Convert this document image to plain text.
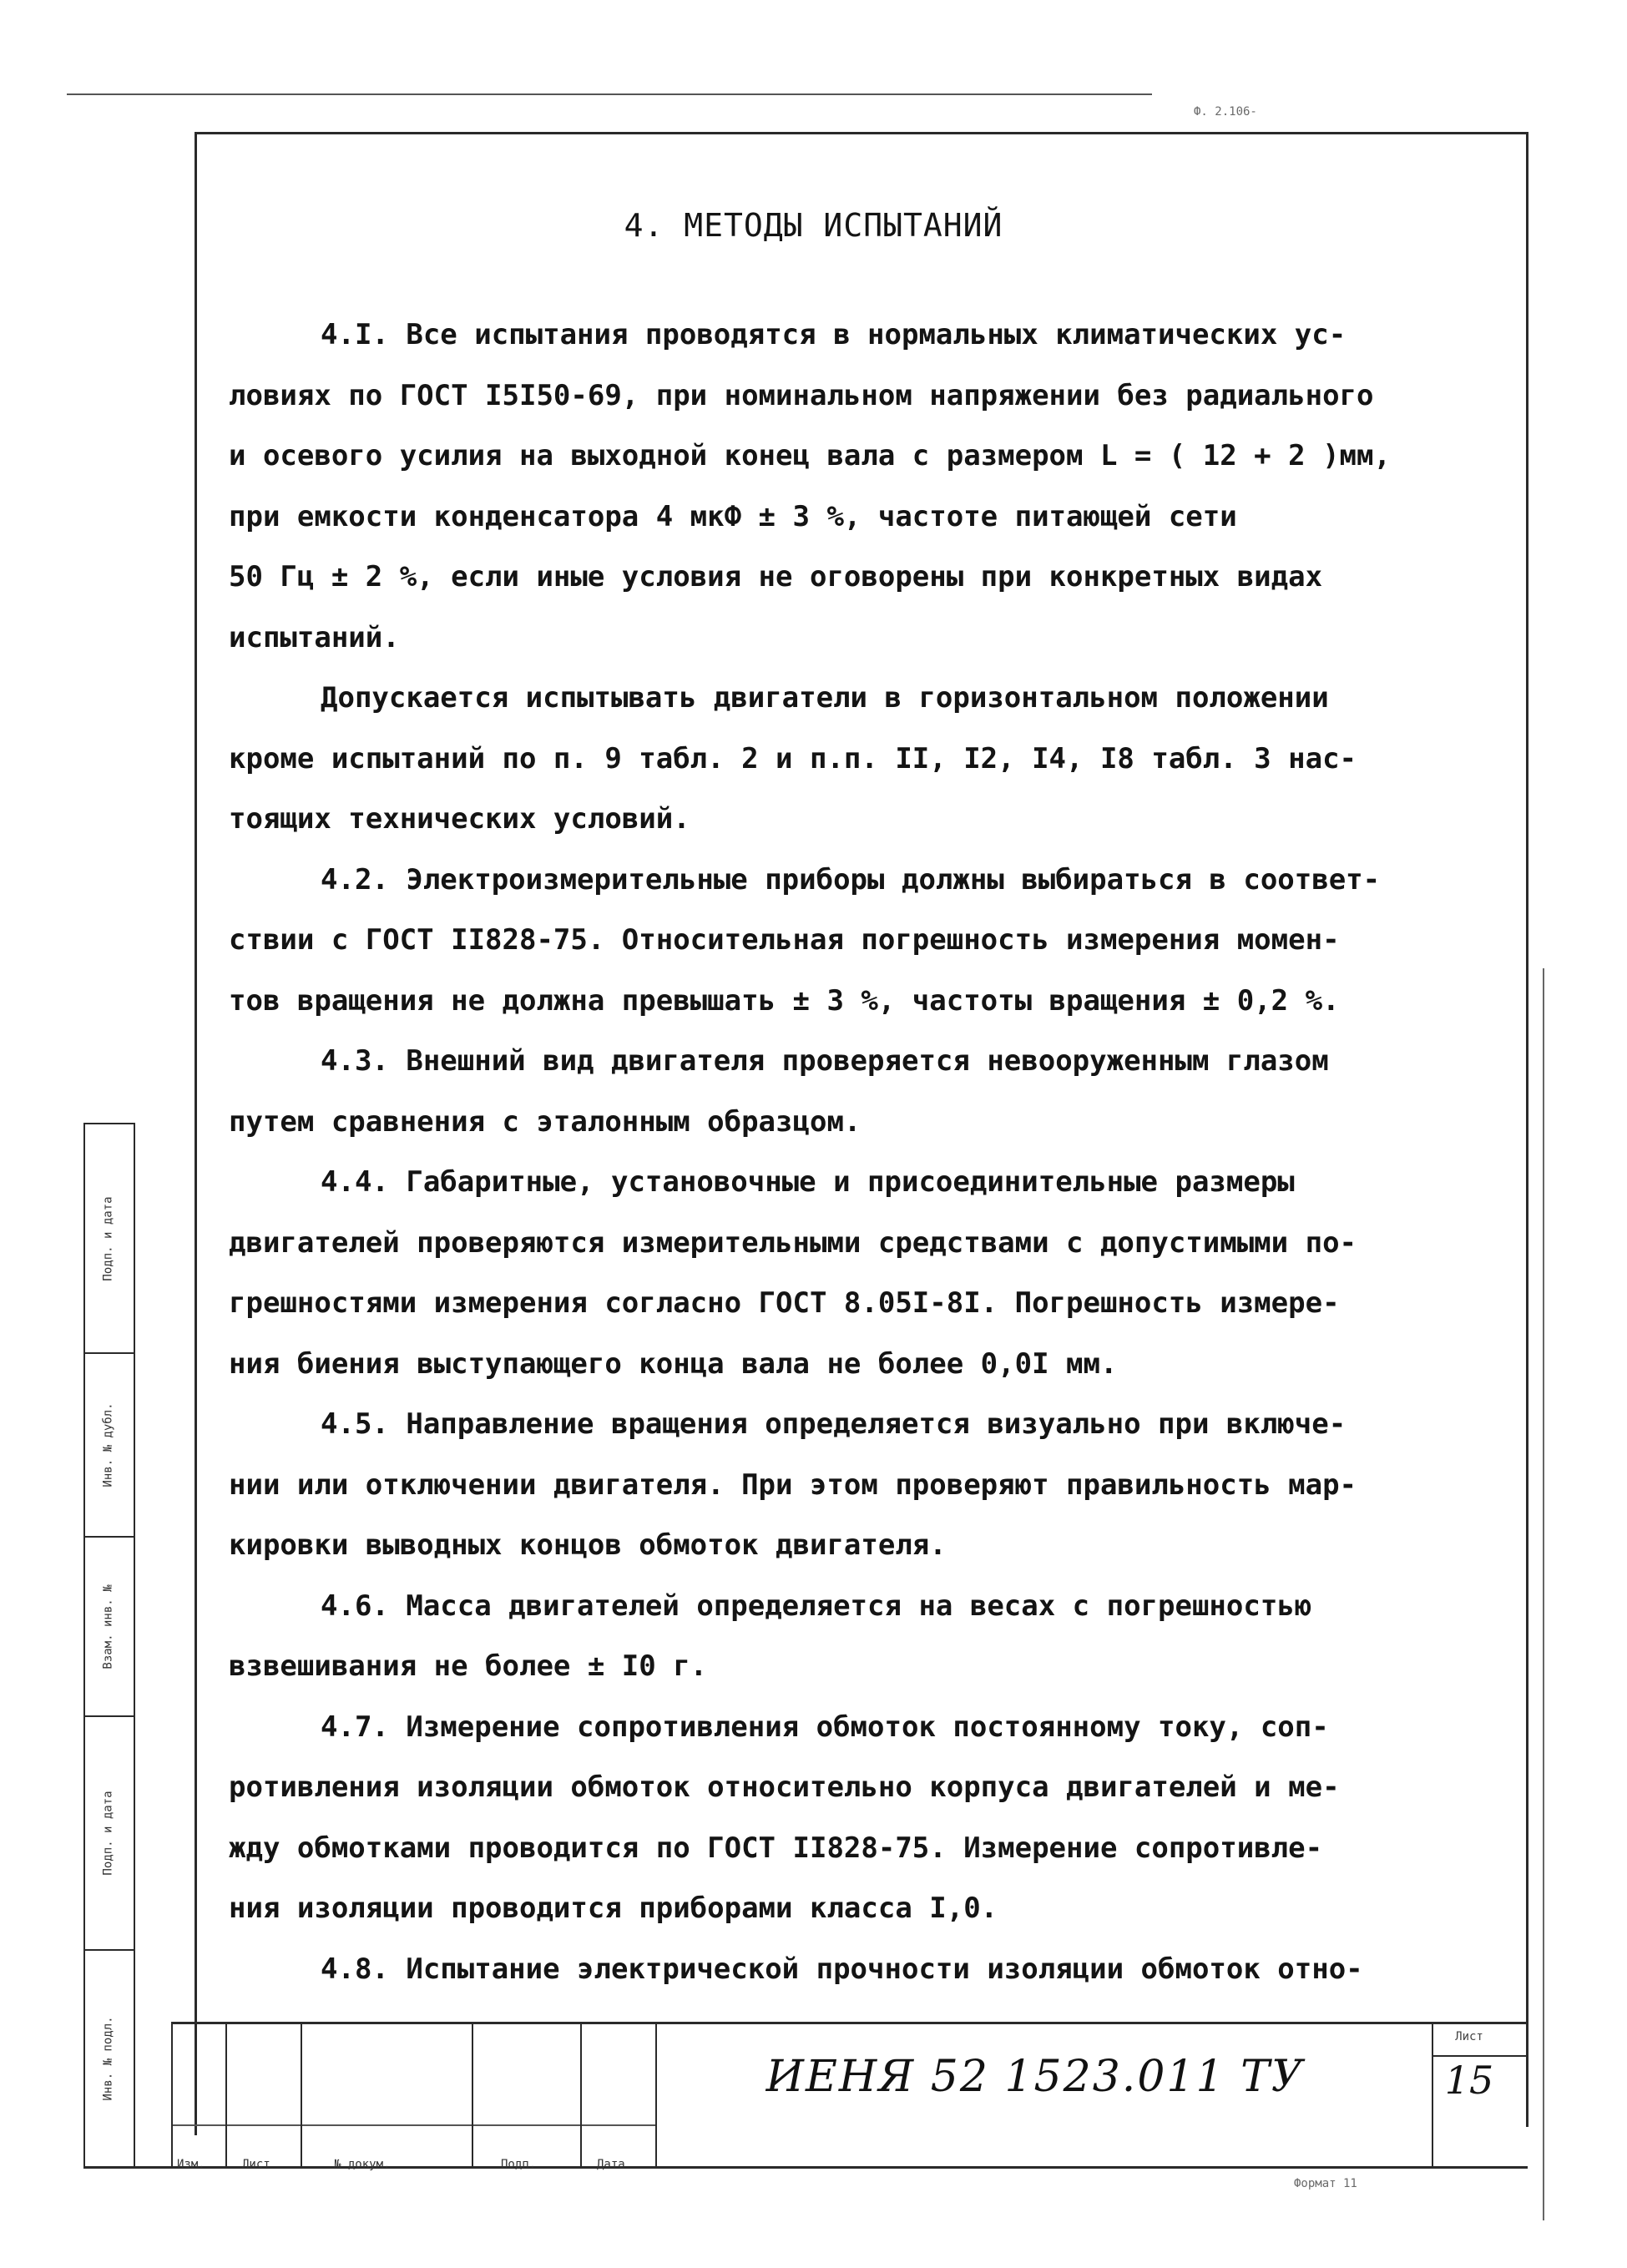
Ф. 2.106-
4. МЕТОДЫ ИСПЫТАНИЙ
4.I. Все испытания проводятся в нормальных климатических ус-
ловиях по ГОСТ I5I50-69, при номинальном напряжении без радиального
и осевого усилия на выходной конец вала с размером L = ( 12 + 2 )мм,
при емкости конденсатора 4 мкФ ± 3 %, частоте питающей сети
50 Гц ± 2 %, если иные условия не оговорены при конкретных видах
испытаний.
Допускается испытывать двигатели в горизонтальном положении
кроме испытаний по п. 9 табл. 2 и п.п. II, I2, I4, I8 табл. 3 нас-
тоящих технических условий.
4.2. Электроизмерительные приборы должны выбираться в соответ-
ствии с ГОСТ II828-75. Относительная погрешность измерения момен-
тов вращения не должна превышать ± 3 %, частоты вращения ± 0,2 %.
4.3. Внешний вид двигателя проверяется невооруженным глазом
путем сравнения с эталонным образцом.
4.4. Габаритные, установочные и присоединительные размеры
двигателей проверяются измерительными средствами с допустимыми по-
грешностями измерения согласно ГОСТ 8.05I-8I. Погрешность измере-
ния биения выступающего конца вала не более 0,0I мм.
4.5. Направление вращения определяется визуально при включе-
нии или отключении двигателя. При этом проверяют правильность мар-
кировки выводных концов обмоток двигателя.
4.6. Масса двигателей определяется на весах с погрешностью
взвешивания не более ± I0 г.
4.7. Измерение сопротивления обмоток постоянному току, соп-
ротивления изоляции обмоток относительно корпуса двигателей и ме-
жду обмотками проводится по ГОСТ II828-75. Измерение сопротивле-
ния изоляции проводится приборами класса I,0.
4.8. Испытание электрической прочности изоляции обмоток отно-
Подп. и дата
Инв. № дубл.
Взам. инв. №
Подп. и дата
Инв. № подл.
Изм.	Лист	№ докум.	Подп.	Дата
ИЕНЯ 52 1523.011 ТУ
Лист
15
Формат 11
